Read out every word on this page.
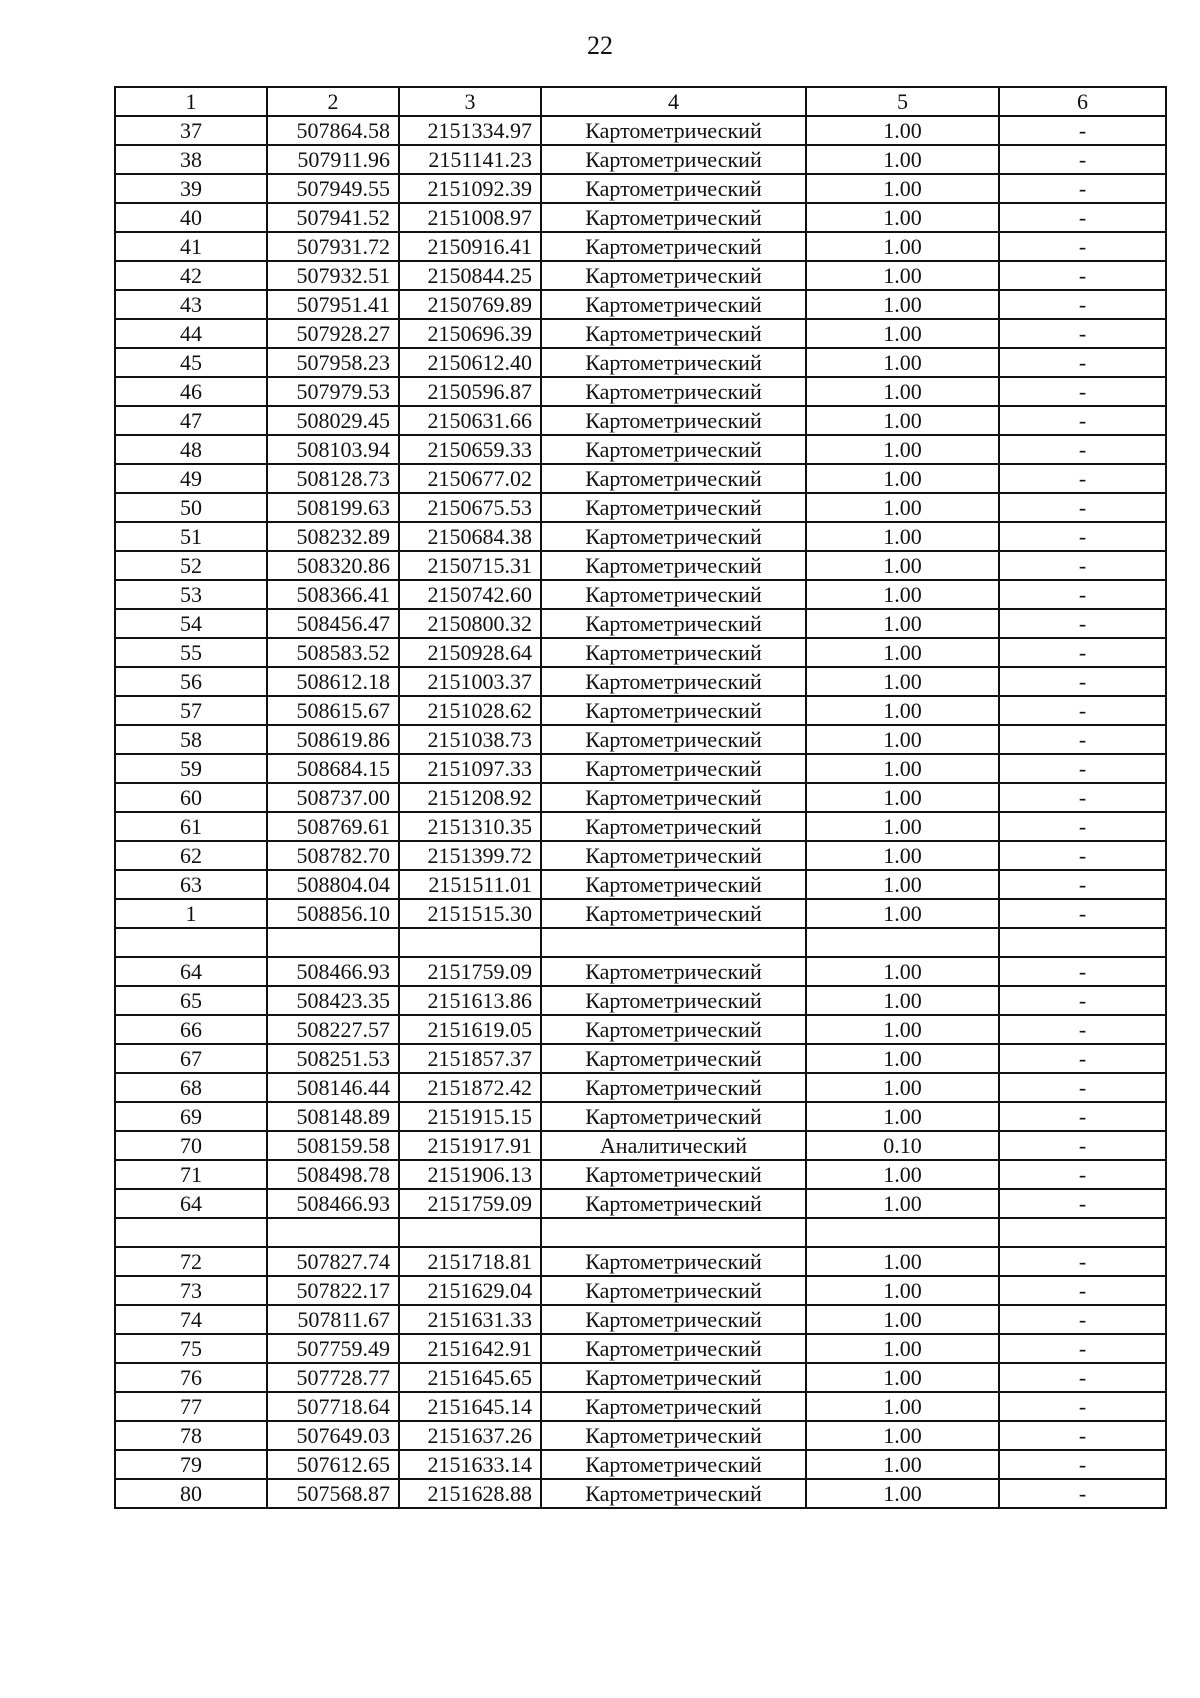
22
1	2	3	4	5	6
37	507864.58	2151334.97	Картометрический	1.00	-
38	507911.96	2151141.23	Картометрический	1.00	-
39	507949.55	2151092.39	Картометрический	1.00	-
40	507941.52	2151008.97	Картометрический	1.00	-
41	507931.72	2150916.41	Картометрический	1.00	-
42	507932.51	2150844.25	Картометрический	1.00	-
43	507951.41	2150769.89	Картометрический	1.00	-
44	507928.27	2150696.39	Картометрический	1.00	-
45	507958.23	2150612.40	Картометрический	1.00	-
46	507979.53	2150596.87	Картометрический	1.00	-
47	508029.45	2150631.66	Картометрический	1.00	-
48	508103.94	2150659.33	Картометрический	1.00	-
49	508128.73	2150677.02	Картометрический	1.00	-
50	508199.63	2150675.53	Картометрический	1.00	-
51	508232.89	2150684.38	Картометрический	1.00	-
52	508320.86	2150715.31	Картометрический	1.00	-
53	508366.41	2150742.60	Картометрический	1.00	-
54	508456.47	2150800.32	Картометрический	1.00	-
55	508583.52	2150928.64	Картометрический	1.00	-
56	508612.18	2151003.37	Картометрический	1.00	-
57	508615.67	2151028.62	Картометрический	1.00	-
58	508619.86	2151038.73	Картометрический	1.00	-
59	508684.15	2151097.33	Картометрический	1.00	-
60	508737.00	2151208.92	Картометрический	1.00	-
61	508769.61	2151310.35	Картометрический	1.00	-
62	508782.70	2151399.72	Картометрический	1.00	-
63	508804.04	2151511.01	Картометрический	1.00	-
1	508856.10	2151515.30	Картометрический	1.00	-

64	508466.93	2151759.09	Картометрический	1.00	-
65	508423.35	2151613.86	Картометрический	1.00	-
66	508227.57	2151619.05	Картометрический	1.00	-
67	508251.53	2151857.37	Картометрический	1.00	-
68	508146.44	2151872.42	Картометрический	1.00	-
69	508148.89	2151915.15	Картометрический	1.00	-
70	508159.58	2151917.91	Аналитический	0.10	-
71	508498.78	2151906.13	Картометрический	1.00	-
64	508466.93	2151759.09	Картометрический	1.00	-

72	507827.74	2151718.81	Картометрический	1.00	-
73	507822.17	2151629.04	Картометрический	1.00	-
74	507811.67	2151631.33	Картометрический	1.00	-
75	507759.49	2151642.91	Картометрический	1.00	-
76	507728.77	2151645.65	Картометрический	1.00	-
77	507718.64	2151645.14	Картометрический	1.00	-
78	507649.03	2151637.26	Картометрический	1.00	-
79	507612.65	2151633.14	Картометрический	1.00	-
80	507568.87	2151628.88	Картометрический	1.00	-
